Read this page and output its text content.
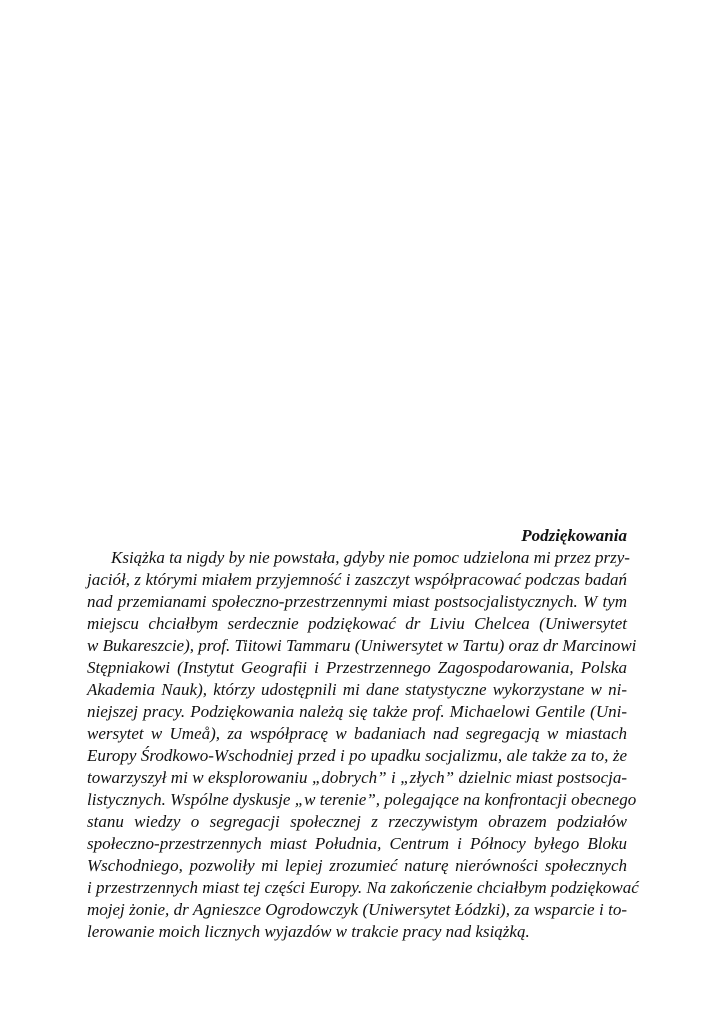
Podziękowania

Książka ta nigdy by nie powstała, gdyby nie pomoc udzielona mi przez przy-
jaciół, z którymi miałem przyjemność i zaszczyt współpracować podczas badań
nad przemianami społeczno-przestrzennymi miast postsocjalistycznych. W tym
miejscu chciałbym serdecznie podziękować dr Liviu Chelcea (Uniwersytet
w Bukareszcie), prof. Tiitowi Tammaru (Uniwersytet w Tartu) oraz dr Marcinowi
Stępniakowi (Instytut Geografii i Przestrzennego Zagospodarowania, Polska
Akademia Nauk), którzy udostępnili mi dane statystyczne wykorzystane w ni-
niejszej pracy. Podziękowania należą się także prof. Michaelowi Gentile (Uni-
wersytet w Umeå), za współpracę w badaniach nad segregacją w miastach
Europy Środkowo-Wschodniej przed i po upadku socjalizmu, ale także za to, że
towarzyszył mi w eksplorowaniu „dobrych” i „złych” dzielnic miast postsocja-
listycznych. Wspólne dyskusje „w terenie”, polegające na konfrontacji obecnego
stanu wiedzy o segregacji społecznej z rzeczywistym obrazem podziałów
społeczno-przestrzennych miast Południa, Centrum i Północy byłego Bloku
Wschodniego, pozwoliły mi lepiej zrozumieć naturę nierówności społecznych
i przestrzennych miast tej części Europy. Na zakończenie chciałbym podziękować
mojej żonie, dr Agnieszce Ogrodowczyk (Uniwersytet Łódzki), za wsparcie i to-
lerowanie moich licznych wyjazdów w trakcie pracy nad książką.
